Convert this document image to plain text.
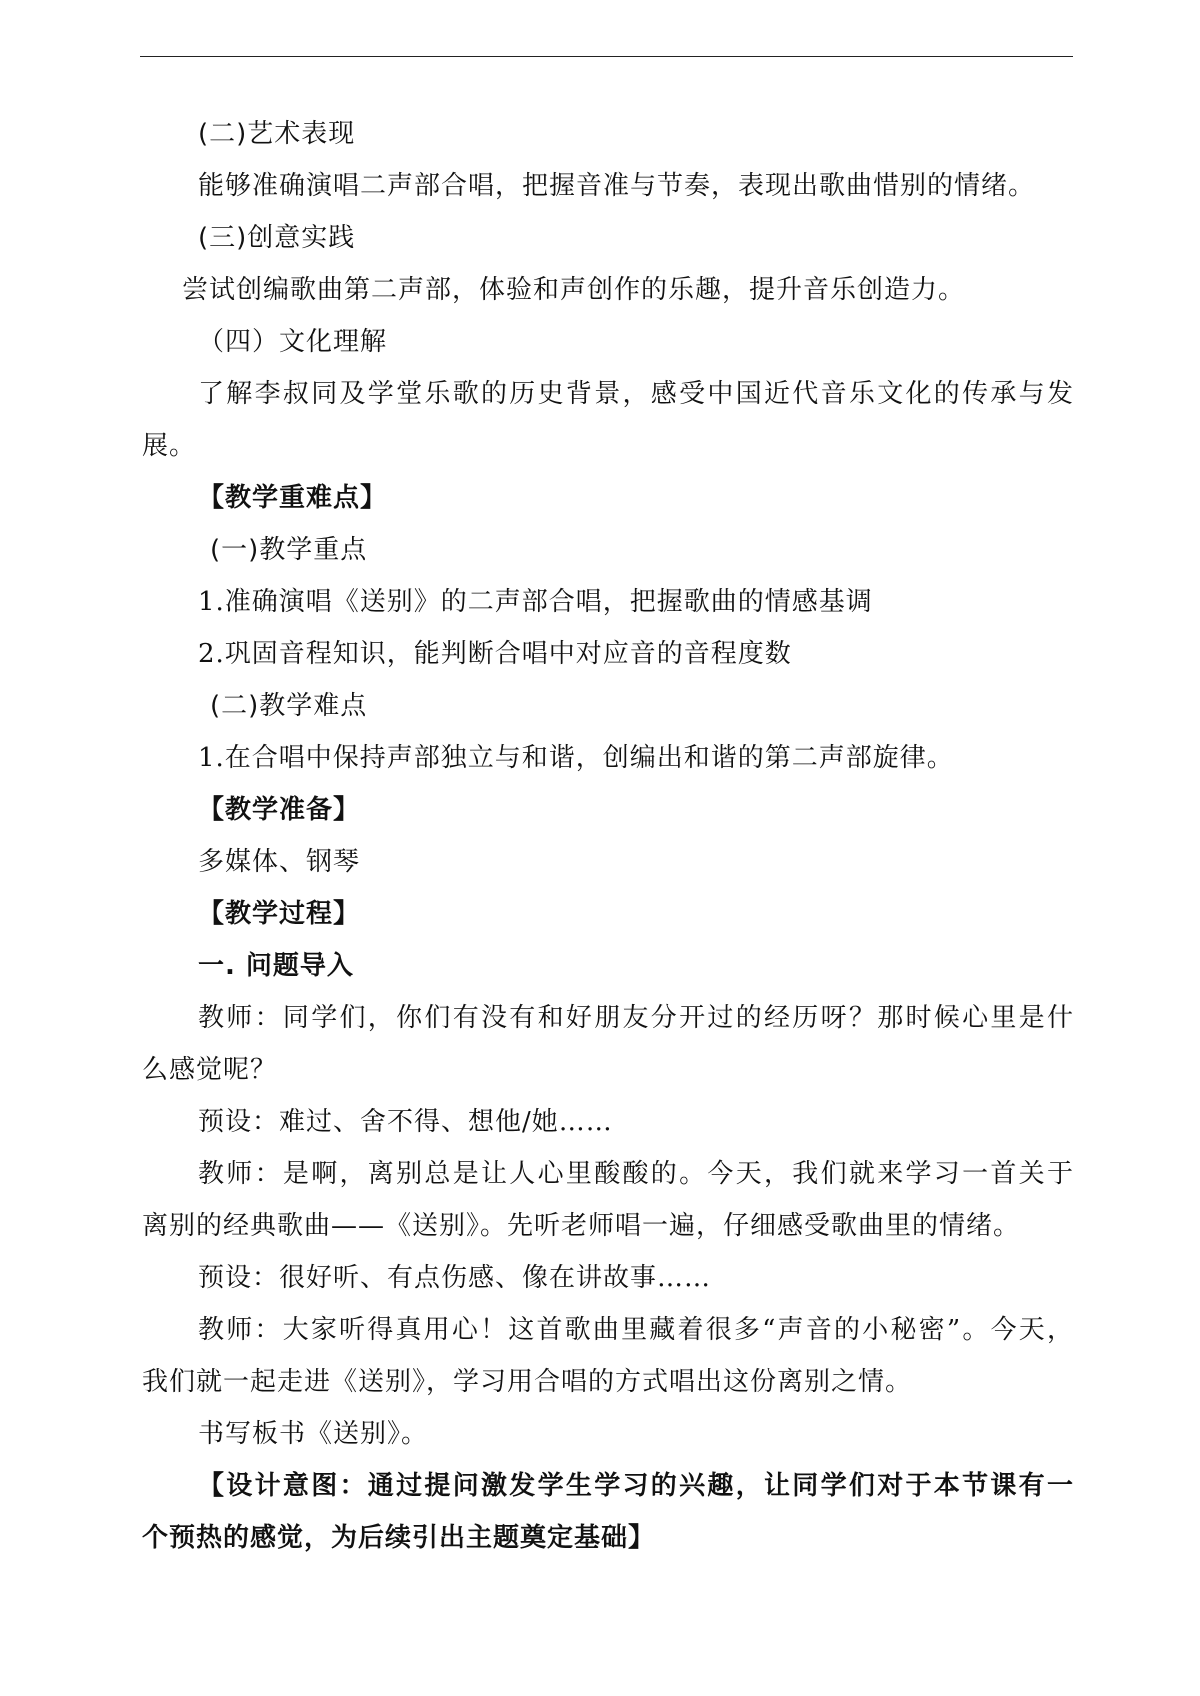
(二)艺术表现
能够准确演唱二声部合唱，把握音准与节奏，表现出歌曲惜别的情绪。
(三)创意实践
尝试创编歌曲第二声部，体验和声创作的乐趣，提升音乐创造力。
（四）文化理解
了解李叔同及学堂乐歌的历史背景，感受中国近代音乐文化的传承与发
展。
【教学重难点】
(一)教学重点
1.准确演唱《送别》的二声部合唱，把握歌曲的情感基调
2.巩固音程知识，能判断合唱中对应音的音程度数
(二)教学难点
1.在合唱中保持声部独立与和谐，创编出和谐的第二声部旋律。
【教学准备】
多媒体、钢琴
【教学过程】
一. 问题导入
教师：同学们，你们有没有和好朋友分开过的经历呀？那时候心里是什
么感觉呢？
预设：难过、舍不得、想他/她……
教师：是啊，离别总是让人心里酸酸的。今天，我们就来学习一首关于
离别的经典歌曲——《送别》。先听老师唱一遍，仔细感受歌曲里的情绪。
预设：很好听、有点伤感、像在讲故事……
教师：大家听得真用心！这首歌曲里藏着很多“声音的小秘密”。今天，
我们就一起走进《送别》，学习用合唱的方式唱出这份离别之情。
书写板书《送别》。
【设计意图：通过提问激发学生学习的兴趣，让同学们对于本节课有一
个预热的感觉，为后续引出主题奠定基础】
